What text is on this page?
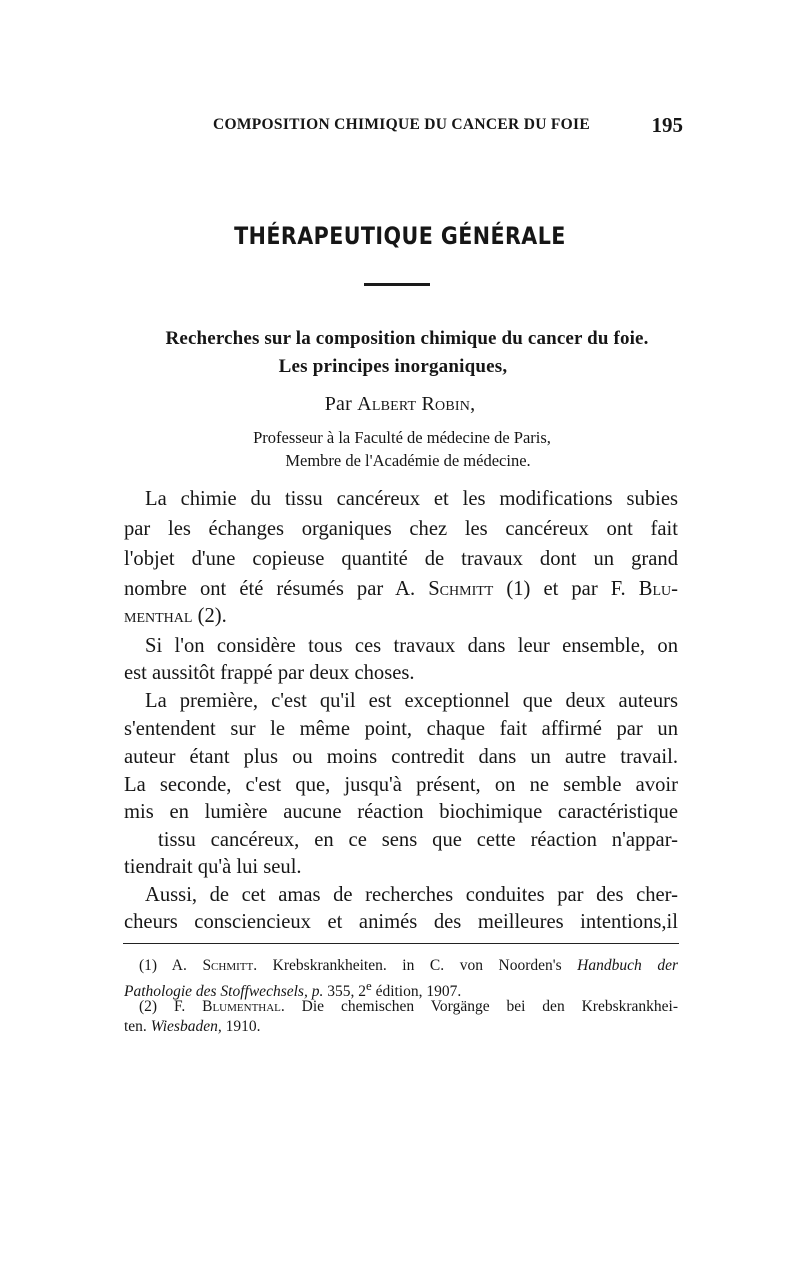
COMPOSITION CHIMIQUE DU CANCER DU FOIE	195
THÉRAPEUTIQUE GÉNÉRALE
Recherches sur la composition chimique du cancer du foie.
Les principes inorganiques,
Par Albert Robin,
Professeur à la Faculté de médecine de Paris,
Membre de l'Académie de médecine.
La chimie du tissu cancéreux et les modifications subies
par les échanges organiques chez les cancéreux ont fait
l'objet d'une copieuse quantité de travaux dont un grand
nombre ont été résumés par A. Schmitt (1) et par F. Blu-
menthal (2).
Si l'on considère tous ces travaux dans leur ensemble, on
est aussitôt frappé par deux choses.
La première, c'est qu'il est exceptionnel que deux auteurs
s'entendent sur le même point, chaque fait affirmé par un
auteur étant plus ou moins contredit dans un autre travail.
La seconde, c'est que, jusqu'à présent, on ne semble avoir
mis en lumière aucune réaction biochimique caractéristique
tissu cancéreux, en ce sens que cette réaction n'appar-
tiendrait qu'à lui seul.
Aussi, de cet amas de recherches conduites par des cher-
cheurs consciencieux et animés des meilleures intentions,il
(1) A. Schmitt. Krebskrankheiten. in C. von Noorden's Handbuch der
Pathologie des Stoffwechsels, p. 355, 2e édition, 1907.
(2) F. Blumenthal. Die chemischen Vorgänge bei den Krebskrankhei-
ten. Wiesbaden, 1910.
